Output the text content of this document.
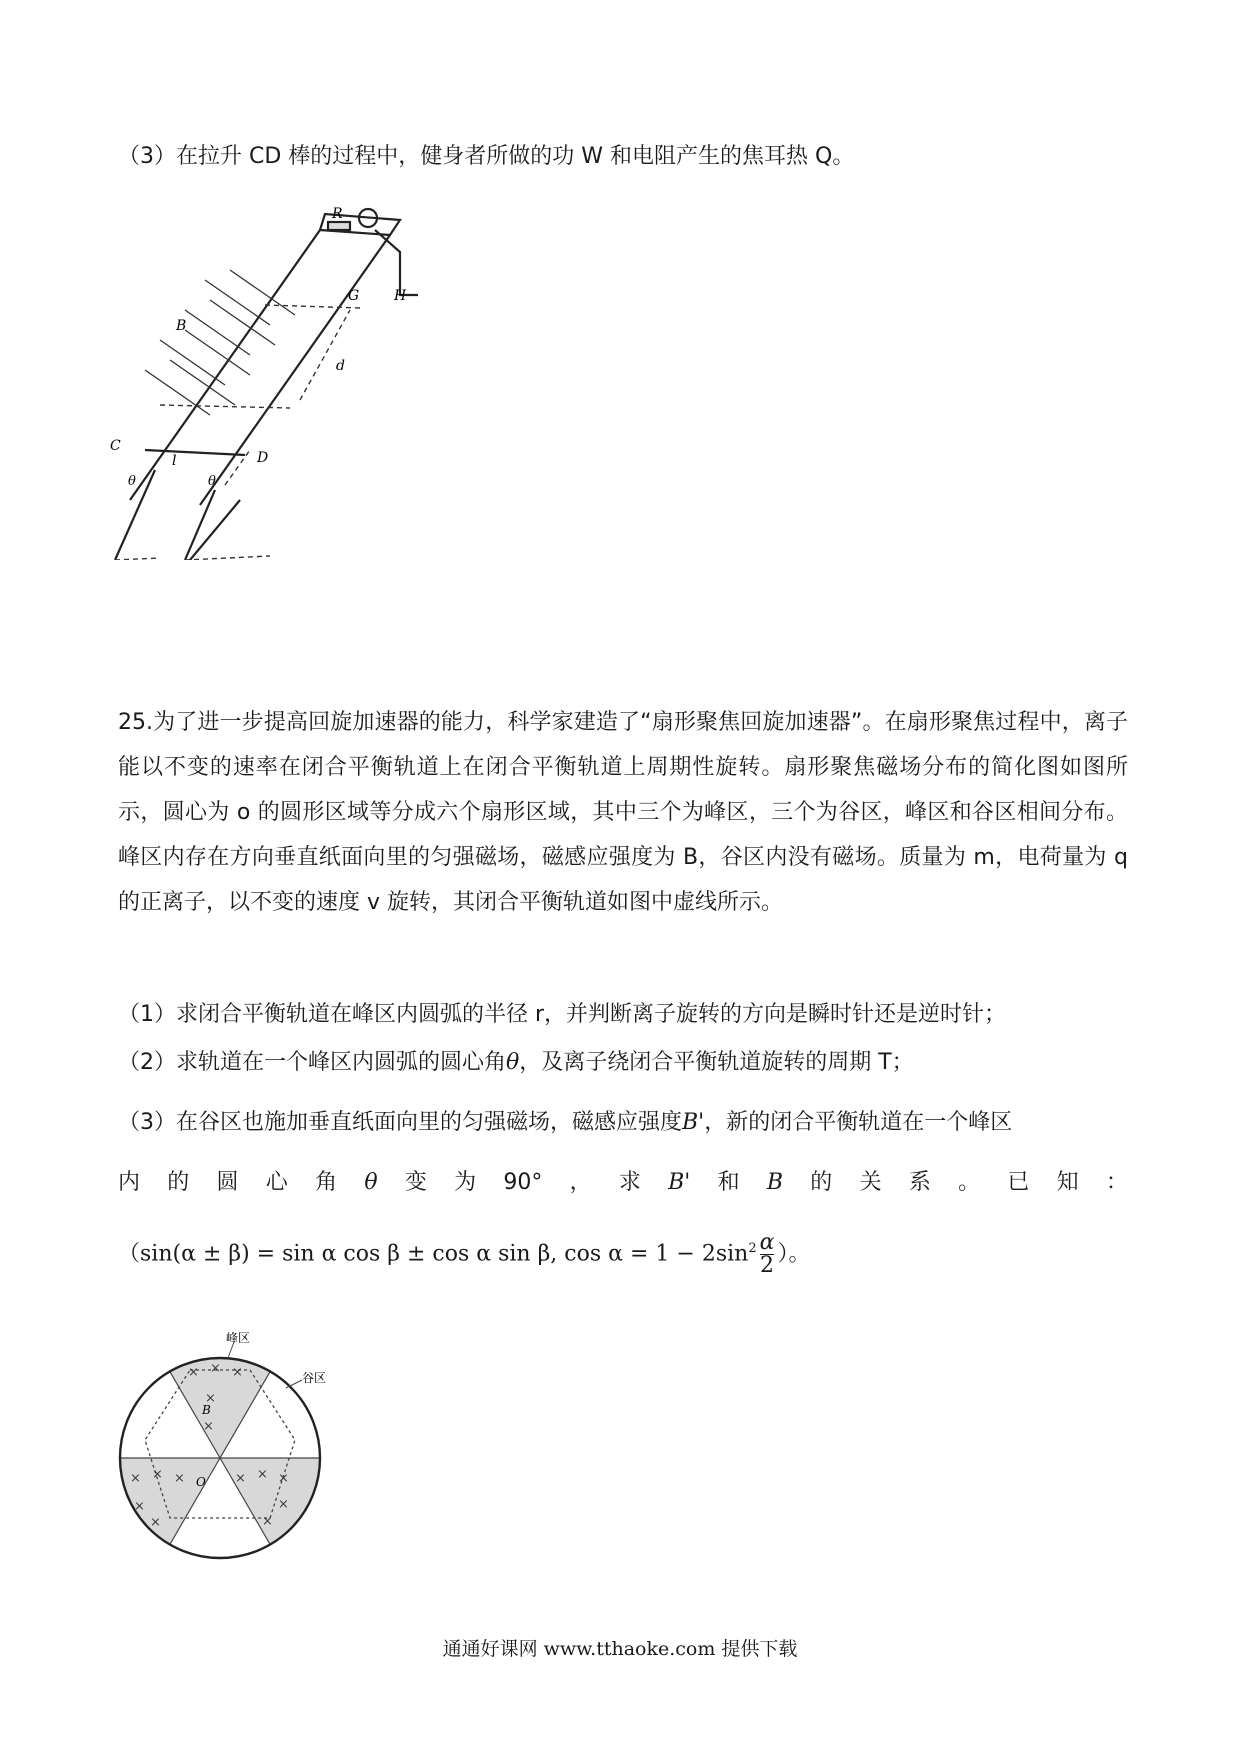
（3）在拉升 CD 棒的过程中，健身者所做的功 W 和电阻产生的焦耳热 Q。
R
G H
B
d
C
D
l
θ	θ
25.为了进一步提高回旋加速器的能力，科学家建造了“扇形聚焦回旋加速器”。在扇形聚焦过程中，离子能以不变的速率在闭合平衡轨道上在闭合平衡轨道上周期性旋转。扇形聚焦磁场分布的简化图如图所示，圆心为 o 的圆形区域等分成六个扇形区域，其中三个为峰区，三个为谷区，峰区和谷区相间分布。峰区内存在方向垂直纸面向里的匀强磁场，磁感应强度为 B，谷区内没有磁场。质量为 m，电荷量为 q 的正离子，以不变的速度 v 旋转，其闭合平衡轨道如图中虚线所示。
（1）求闭合平衡轨道在峰区内圆弧的半径 r，并判断离子旋转的方向是瞬时针还是逆时针；
（2）求轨道在一个峰区内圆弧的圆心角θ，及离子绕闭合平衡轨道旋转的周期 T；
（3）在谷区也施加垂直纸面向里的匀强磁场，磁感应强度B'，新的闭合平衡轨道在一个峰区
内 的 圆 心 角 θ 变 为 90° ， 求 B' 和 B 的 关 系 。 已 知 ：
（sin(α ± β) = sin α cos β ± cos α sin β, $\cos \alpha = 1 - 2\sin^2 \frac{\alpha}{2}$ ）。
× × ×
×
×
× × ×
×
×
× × ×
×
×
B
O
峰区
谷区
通通好课网 www.tthaoke.com 提供下载
